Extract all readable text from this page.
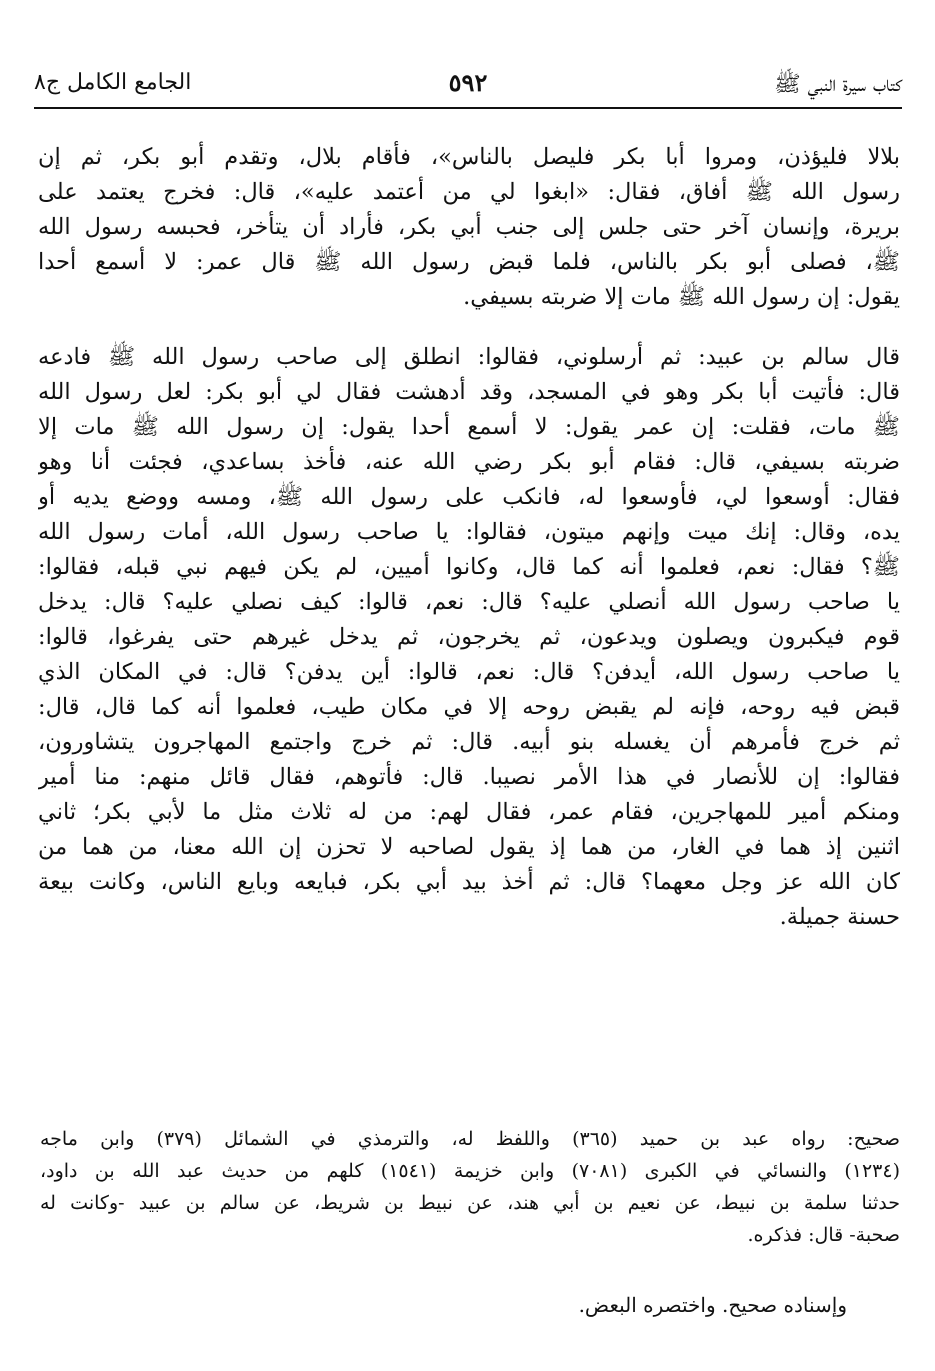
كتاب سيرة النبي ﷺ
٥٩٢
الجامع الكامل ج٨
بلالا فليؤذن، ومروا أبا بكر فليصل بالناس»، فأقام بلال، وتقدم أبو بكر، ثم إن
رسول الله ﷺ أفاق، فقال: «ابغوا لي من أعتمد عليه»، قال: فخرج يعتمد على
بريرة، وإنسان آخر حتى جلس إلى جنب أبي بكر، فأراد أن يتأخر، فحبسه رسول الله
ﷺ، فصلى أبو بكر بالناس، فلما قبض رسول الله ﷺ قال عمر: لا أسمع أحدا
يقول: إن رسول الله ﷺ مات إلا ضربته بسيفي.
قال سالم بن عبيد: ثم أرسلوني، فقالوا: انطلق إلى صاحب رسول الله ﷺ فادعه
قال: فأتيت أبا بكر وهو في المسجد، وقد أدهشت فقال لي أبو بكر: لعل رسول الله
ﷺ مات، فقلت: إن عمر يقول: لا أسمع أحدا يقول: إن رسول الله ﷺ مات إلا
ضربته بسيفي، قال: فقام أبو بكر رضي الله عنه، فأخذ بساعدي، فجئت أنا وهو
فقال: أوسعوا لي، فأوسعوا له، فانكب على رسول الله ﷺ، ومسه ووضع يديه أو
يده، وقال: إنك ميت وإنهم ميتون، فقالوا: يا صاحب رسول الله، أمات رسول الله
ﷺ؟ فقال: نعم، فعلموا أنه كما قال، وكانوا أميين، لم يكن فيهم نبي قبله، فقالوا:
يا صاحب رسول الله أنصلي عليه؟ قال: نعم، قالوا: كيف نصلي عليه؟ قال: يدخل
قوم فيكبرون ويصلون ويدعون، ثم يخرجون، ثم يدخل غيرهم حتى يفرغوا، قالوا:
يا صاحب رسول الله، أيدفن؟ قال: نعم، قالوا: أين يدفن؟ قال: في المكان الذي
قبض فيه روحه، فإنه لم يقبض روحه إلا في مكان طيب، فعلموا أنه كما قال، قال:
ثم خرج فأمرهم أن يغسله بنو أبيه. قال: ثم خرج واجتمع المهاجرون يتشاورون،
فقالوا: إن للأنصار في هذا الأمر نصيبا. قال: فأتوهم، فقال قائل منهم: منا أمير
ومنكم أمير للمهاجرين، فقام عمر، فقال لهم: من له ثلاث مثل ما لأبي بكر؛ ثاني
اثنين إذ هما في الغار، من هما إذ يقول لصاحبه لا تحزن إن الله معنا، من هما من
كان الله عز وجل معهما؟ قال: ثم أخذ بيد أبي بكر، فبايعه وبايع الناس، وكانت بيعة
حسنة جميلة.
صحيح: رواه عبد بن حميد (٣٦٥) واللفظ له، والترمذي في الشمائل (٣٧٩) وابن ماجه
(١٢٣٤) والنسائي في الكبرى (٧٠٨١) وابن خزيمة (١٥٤١) كلهم من حديث عبد الله بن داود،
حدثنا سلمة بن نبيط، عن نعيم بن أبي هند، عن نبيط بن شريط، عن سالم بن عبيد -وكانت له
صحبة- قال: فذكره.
وإسناده صحيح. واختصره البعض.
